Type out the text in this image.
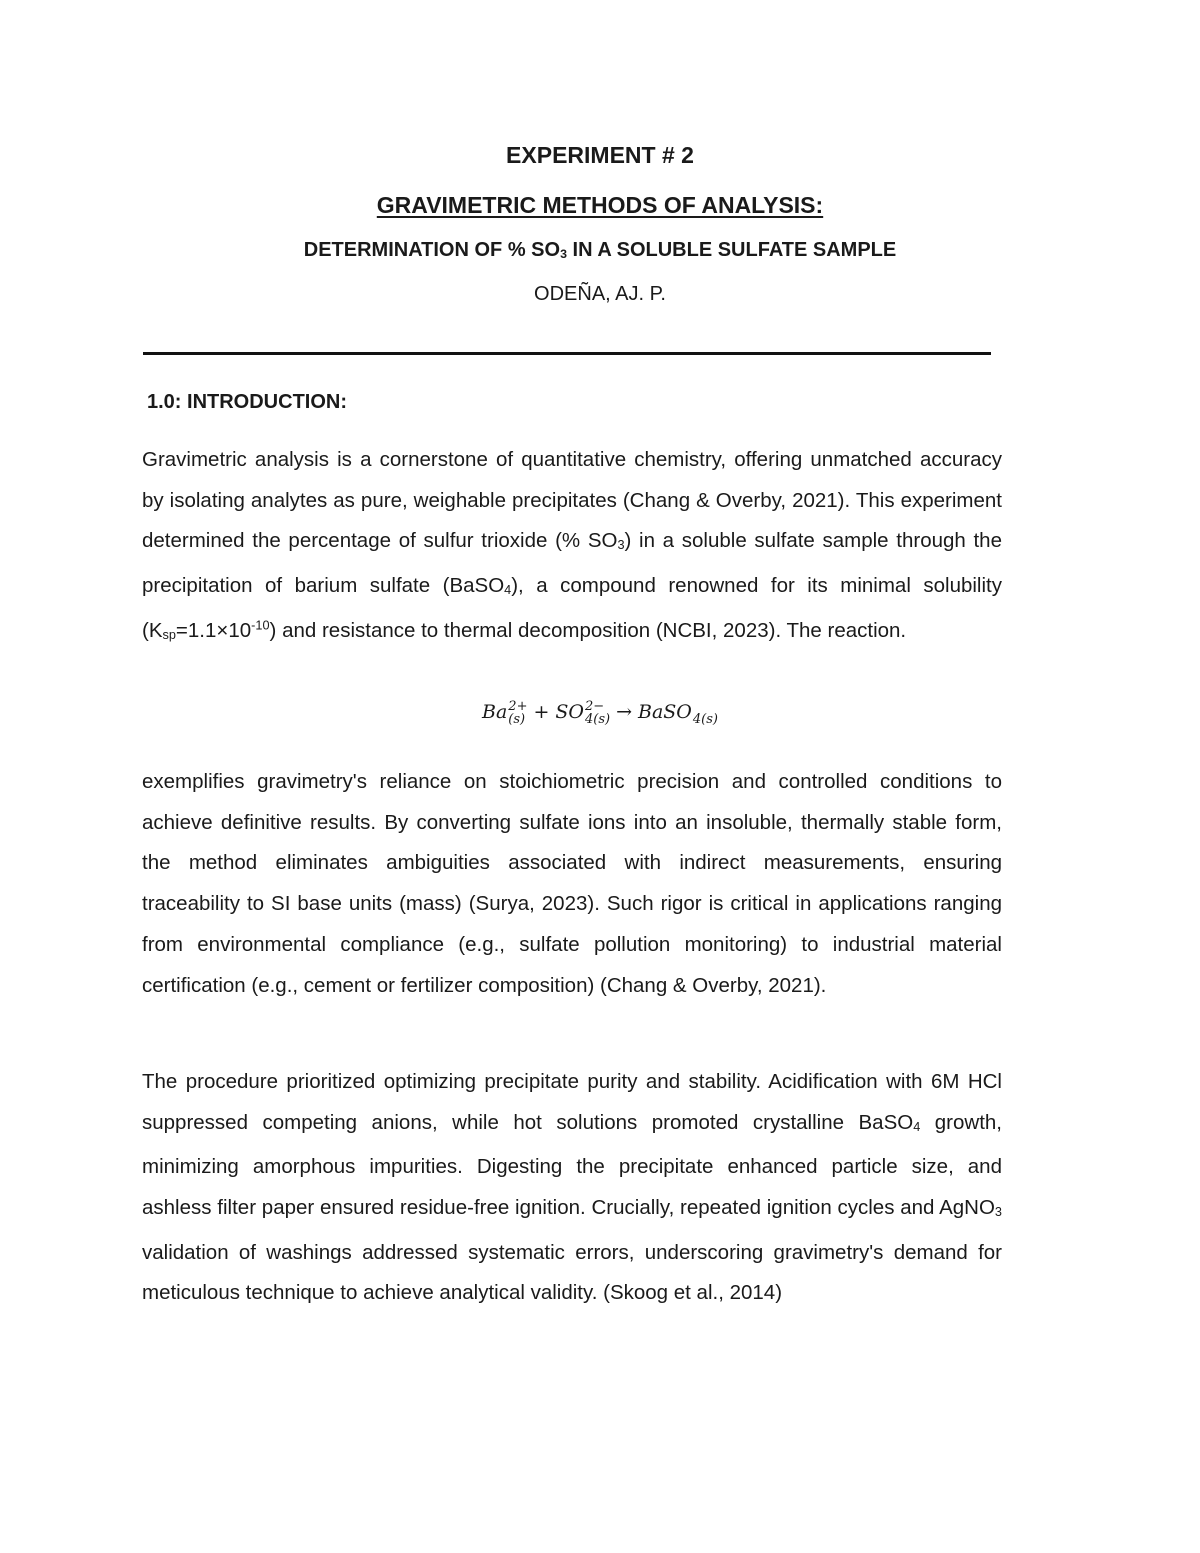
EXPERIMENT # 2
GRAVIMETRIC METHODS OF ANALYSIS:
DETERMINATION OF % $SO_3$ IN A SOLUBLE SULFATE SAMPLE
ODEÑA, AJ. P.
1.0: INTRODUCTION:
Gravimetric analysis is a cornerstone of quantitative chemistry, offering unmatched accuracy by isolating analytes as pure, weighable precipitates (Chang & Overby, 2021). This experiment determined the percentage of sulfur trioxide (% $SO_3$) in a soluble sulfate sample through the precipitation of barium sulfate (BaSO$_4$), a compound renowned for its minimal solubility $(K_{sp}=1.1\times 10^{-10})$ and resistance to thermal decomposition (NCBI, 2023). The reaction.
Ba 2+
(s) + SO 2−
4(s) → BaSO
4(s)
exemplifies gravimetry's reliance on stoichiometric precision and controlled conditions to achieve definitive results. By converting sulfate ions into an insoluble, thermally stable form, the method eliminates ambiguities associated with indirect measurements, ensuring traceability to SI base units (mass) (Surya, 2023). Such rigor is critical in applications ranging from environmental compliance (e.g., sulfate pollution monitoring) to industrial material certification (e.g., cement or fertilizer composition) (Chang & Overby, 2021).
The procedure prioritized optimizing precipitate purity and stability. Acidification with 6M HCl suppressed competing anions, while hot solutions promoted crystalline BaSO$_4$ growth, minimizing amorphous impurities. Digesting the precipitate enhanced particle size, and ashless filter paper ensured residue-free ignition. Crucially, repeated ignition cycles and AgNO$_3$ validation of washings addressed systematic errors, underscoring gravimetry's demand for meticulous technique to achieve analytical validity. (Skoog et al., 2014)
